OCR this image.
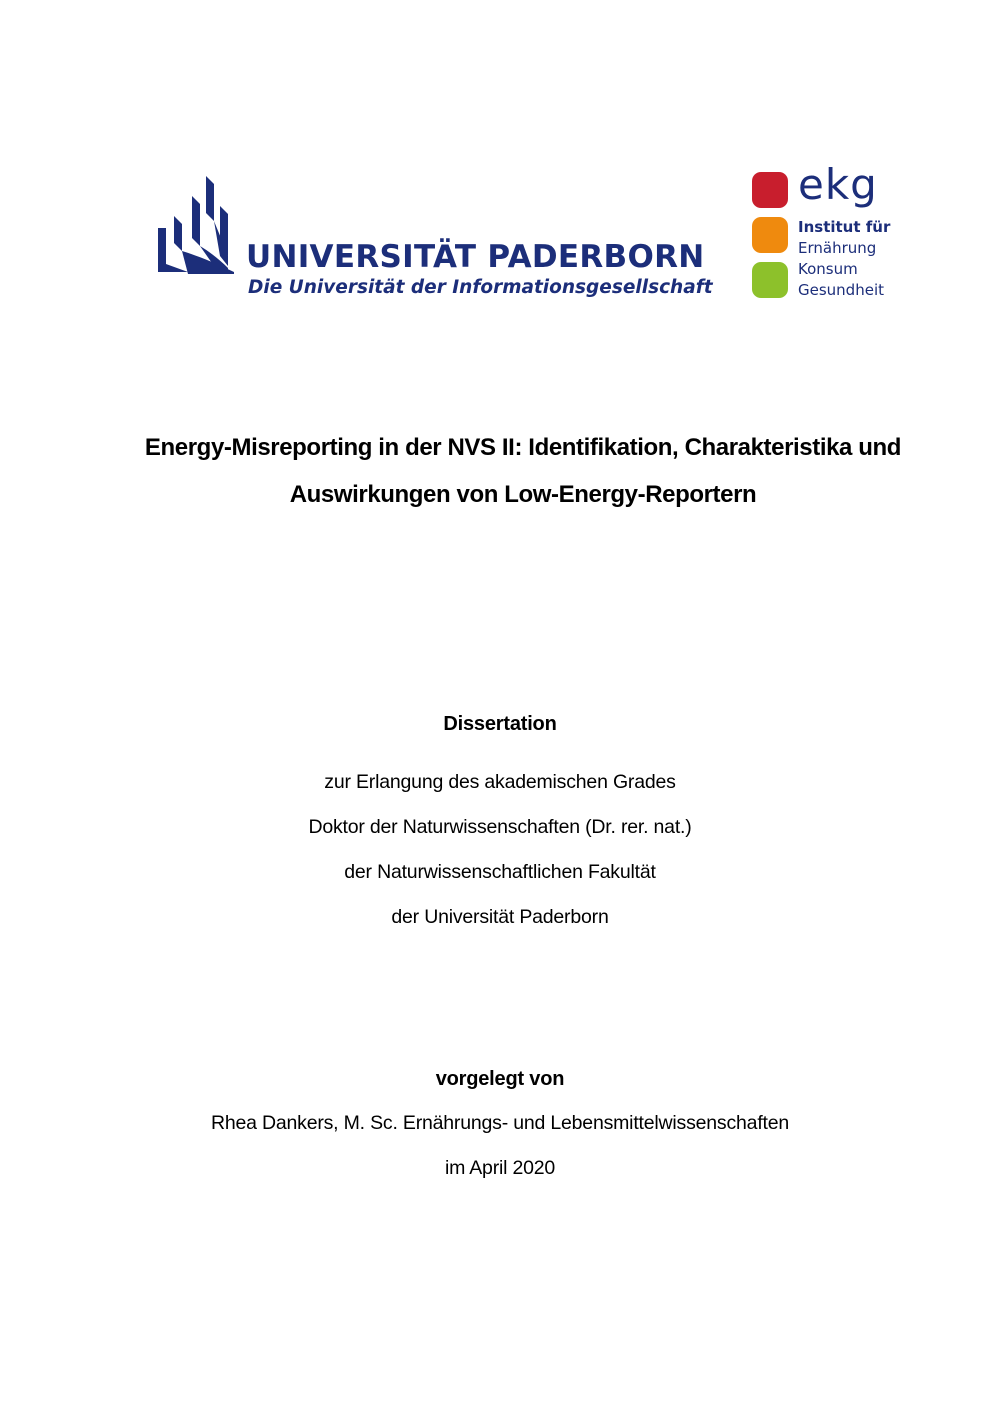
UNIVERSITÄT PADERBORN
Die Universität der Informationsgesellschaft
ekg
Institut für
Ernährung
Konsum
Gesundheit
Energy-Misreporting in der NVS II: Identifikation, Charakteristika und
Auswirkungen von Low-Energy-Reportern
Dissertation
zur Erlangung des akademischen Grades
Doktor der Naturwissenschaften (Dr. rer. nat.)
der Naturwissenschaftlichen Fakultät
der Universität Paderborn
vorgelegt von
Rhea Dankers, M. Sc. Ernährungs- und Lebensmittelwissenschaften
im April 2020
